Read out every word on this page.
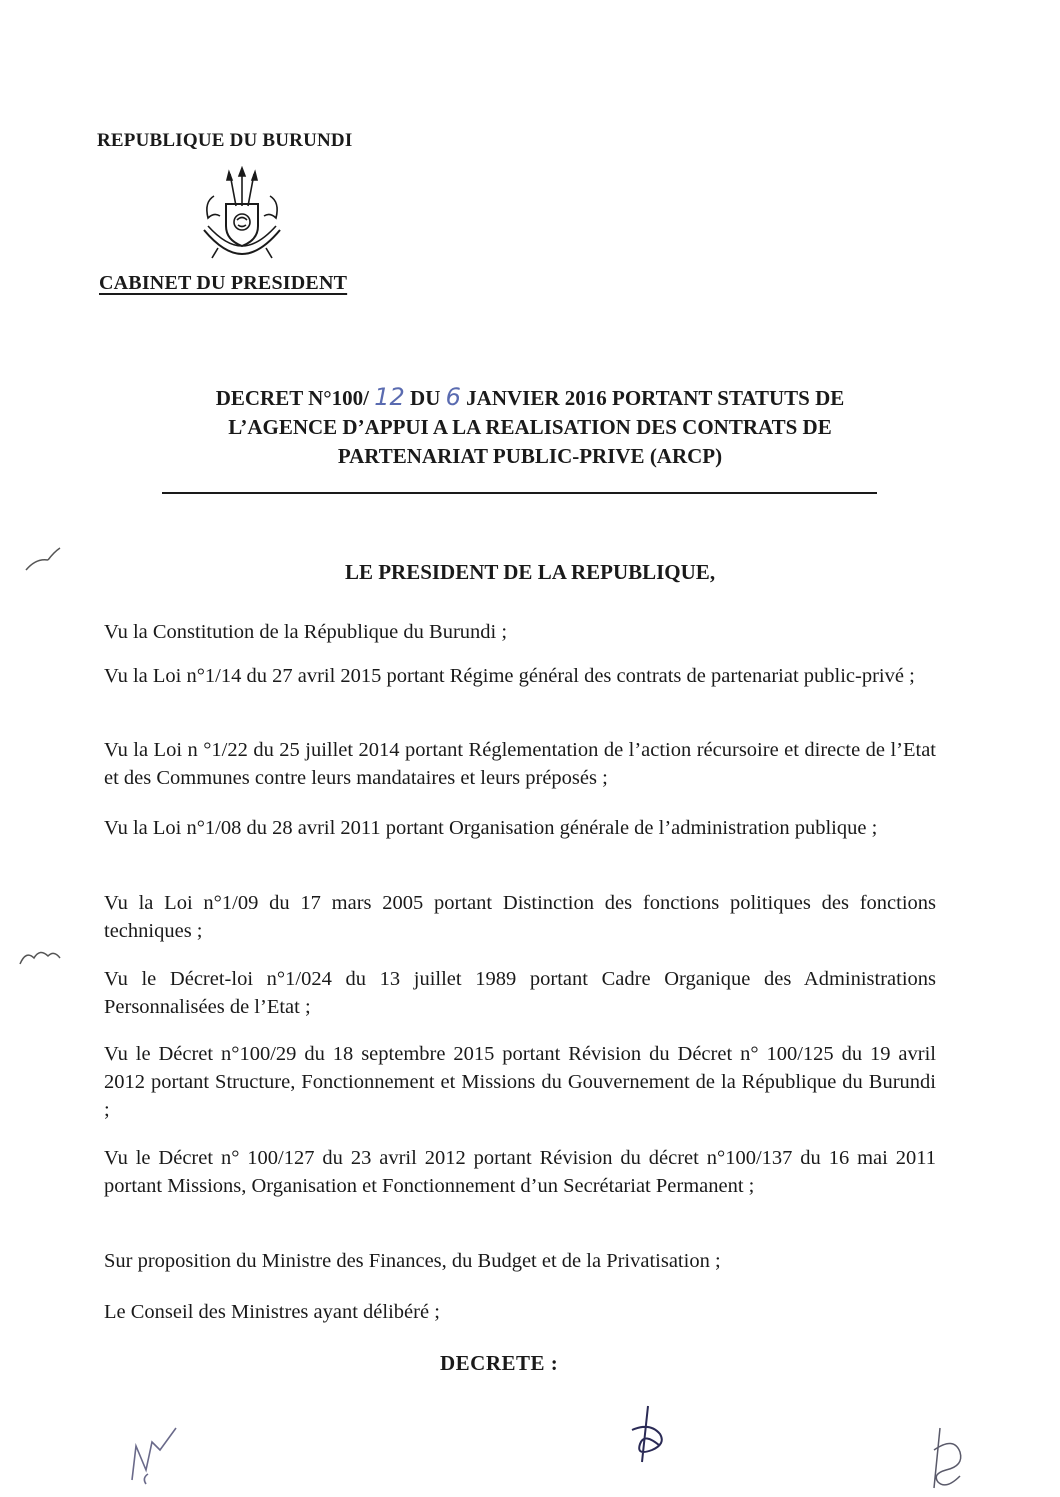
REPUBLIQUE DU BURUNDI
CABINET DU PRESIDENT
DECRET N°100/ 12 DU 6 JANVIER 2016 PORTANT STATUTS DE
L’AGENCE D’APPUI A LA REALISATION DES CONTRATS DE
PARTENARIAT PUBLIC-PRIVE (ARCP)
LE PRESIDENT DE LA REPUBLIQUE,
Vu la Constitution de la République du Burundi ;
Vu la Loi n°1/14 du 27 avril 2015 portant Régime général des contrats de partenariat public-privé ;
Vu la Loi n °1/22 du 25 juillet 2014 portant Réglementation de l’action récursoire et directe de l’Etat et des Communes contre leurs mandataires et leurs préposés ;
Vu la Loi n°1/08 du 28 avril 2011 portant Organisation générale de l’administration publique ;
Vu la Loi n°1/09 du 17 mars 2005 portant Distinction des fonctions politiques des fonctions techniques ;
Vu le Décret-loi n°1/024 du 13 juillet 1989 portant Cadre Organique des Administrations Personnalisées de l’Etat ;
Vu le Décret n°100/29 du 18 septembre 2015 portant Révision du Décret n° 100/125 du 19 avril 2012 portant Structure, Fonctionnement et Missions du Gouvernement de la République du Burundi ;
Vu le Décret n° 100/127 du 23 avril 2012 portant Révision du décret n°100/137 du 16 mai 2011 portant Missions, Organisation et Fonctionnement d’un Secrétariat Permanent ;
Sur proposition du Ministre des Finances, du Budget et de la Privatisation ;
Le Conseil des Ministres ayant délibéré ;
DECRETE :
